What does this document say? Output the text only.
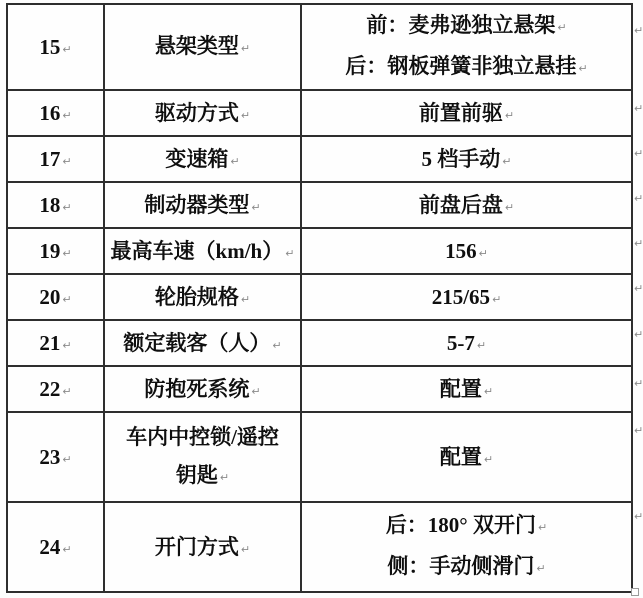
15 ↵	悬架类型 ↵	前：麦弗逊独立悬架 ↵
后：钢板弹簧非独立悬挂 ↵

16 ↵	驱动方式 ↵	前置前驱 ↵
17 ↵	变速箱 ↵	5 档手动 ↵
18 ↵	制动器类型 ↵	前盘后盘 ↵
19 ↵	最高车速（km/h） ↵	156 ↵
20 ↵	轮胎规格 ↵	215/65 ↵
21 ↵	额定载客（人） ↵	5-7 ↵
22 ↵	防抱死系统 ↵	配置 ↵
23 ↵	车内中控锁/遥控
钥匙 ↵	配置 ↵
24 ↵	开门方式 ↵	后：180° 双开门 ↵
侧：手动侧滑门 ↵
↵
↵
↵
↵
↵
↵
↵
↵
↵
↵
